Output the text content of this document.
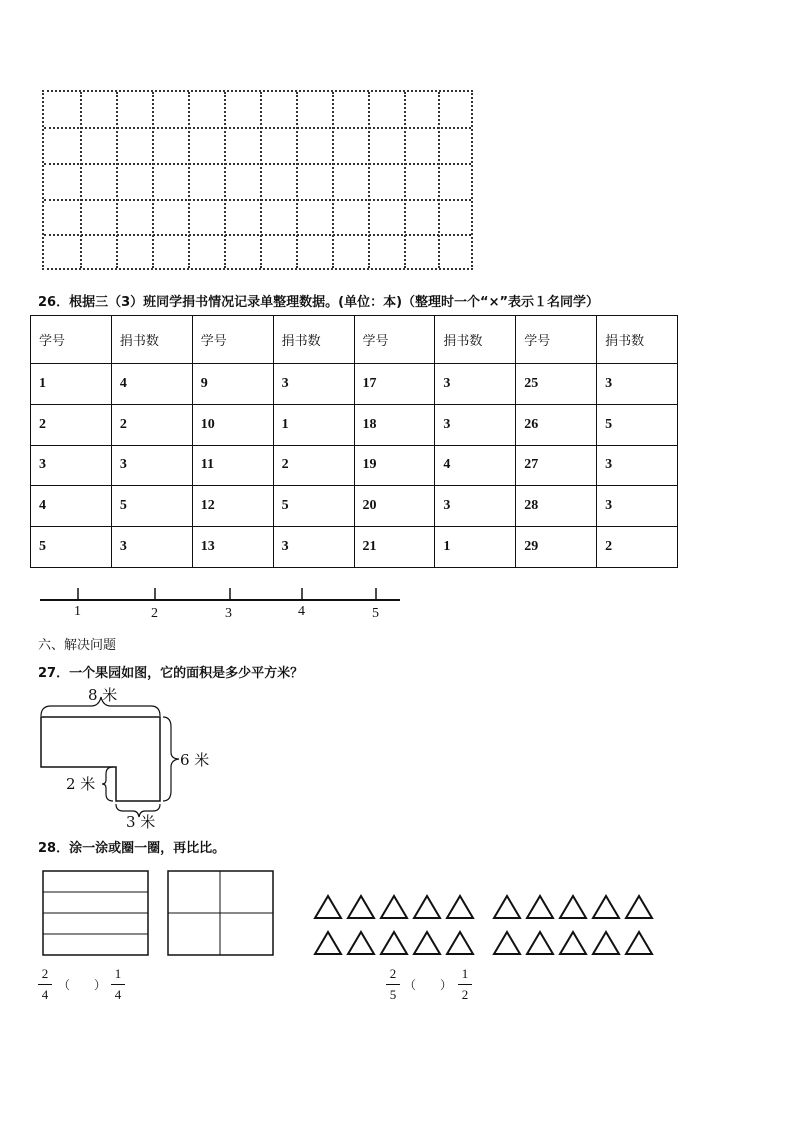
26．根据三（3）班同学捐书情况记录单整理数据。(单位：本)（整理时一个“×”表示１名同学）
学号	捐书数	学号	捐书数	学号	捐书数	学号	捐书数
1	4	9	3	17	3	25	3
2	2	10	1	18	3	26	5
3	3	11	2	19	4	27	3
4	5	12	5	20	3	28	3
5	3	13	3	21	1	29	2
1	2	3	4	5
六、解决问题
27．一个果园如图，它的面积是多少平方米？
8 米
6 米
2 米
3 米
28．涂一涂或圈一圈，再比比。
2
4
（　　）
1
4
2
5
（　　）
1
2
